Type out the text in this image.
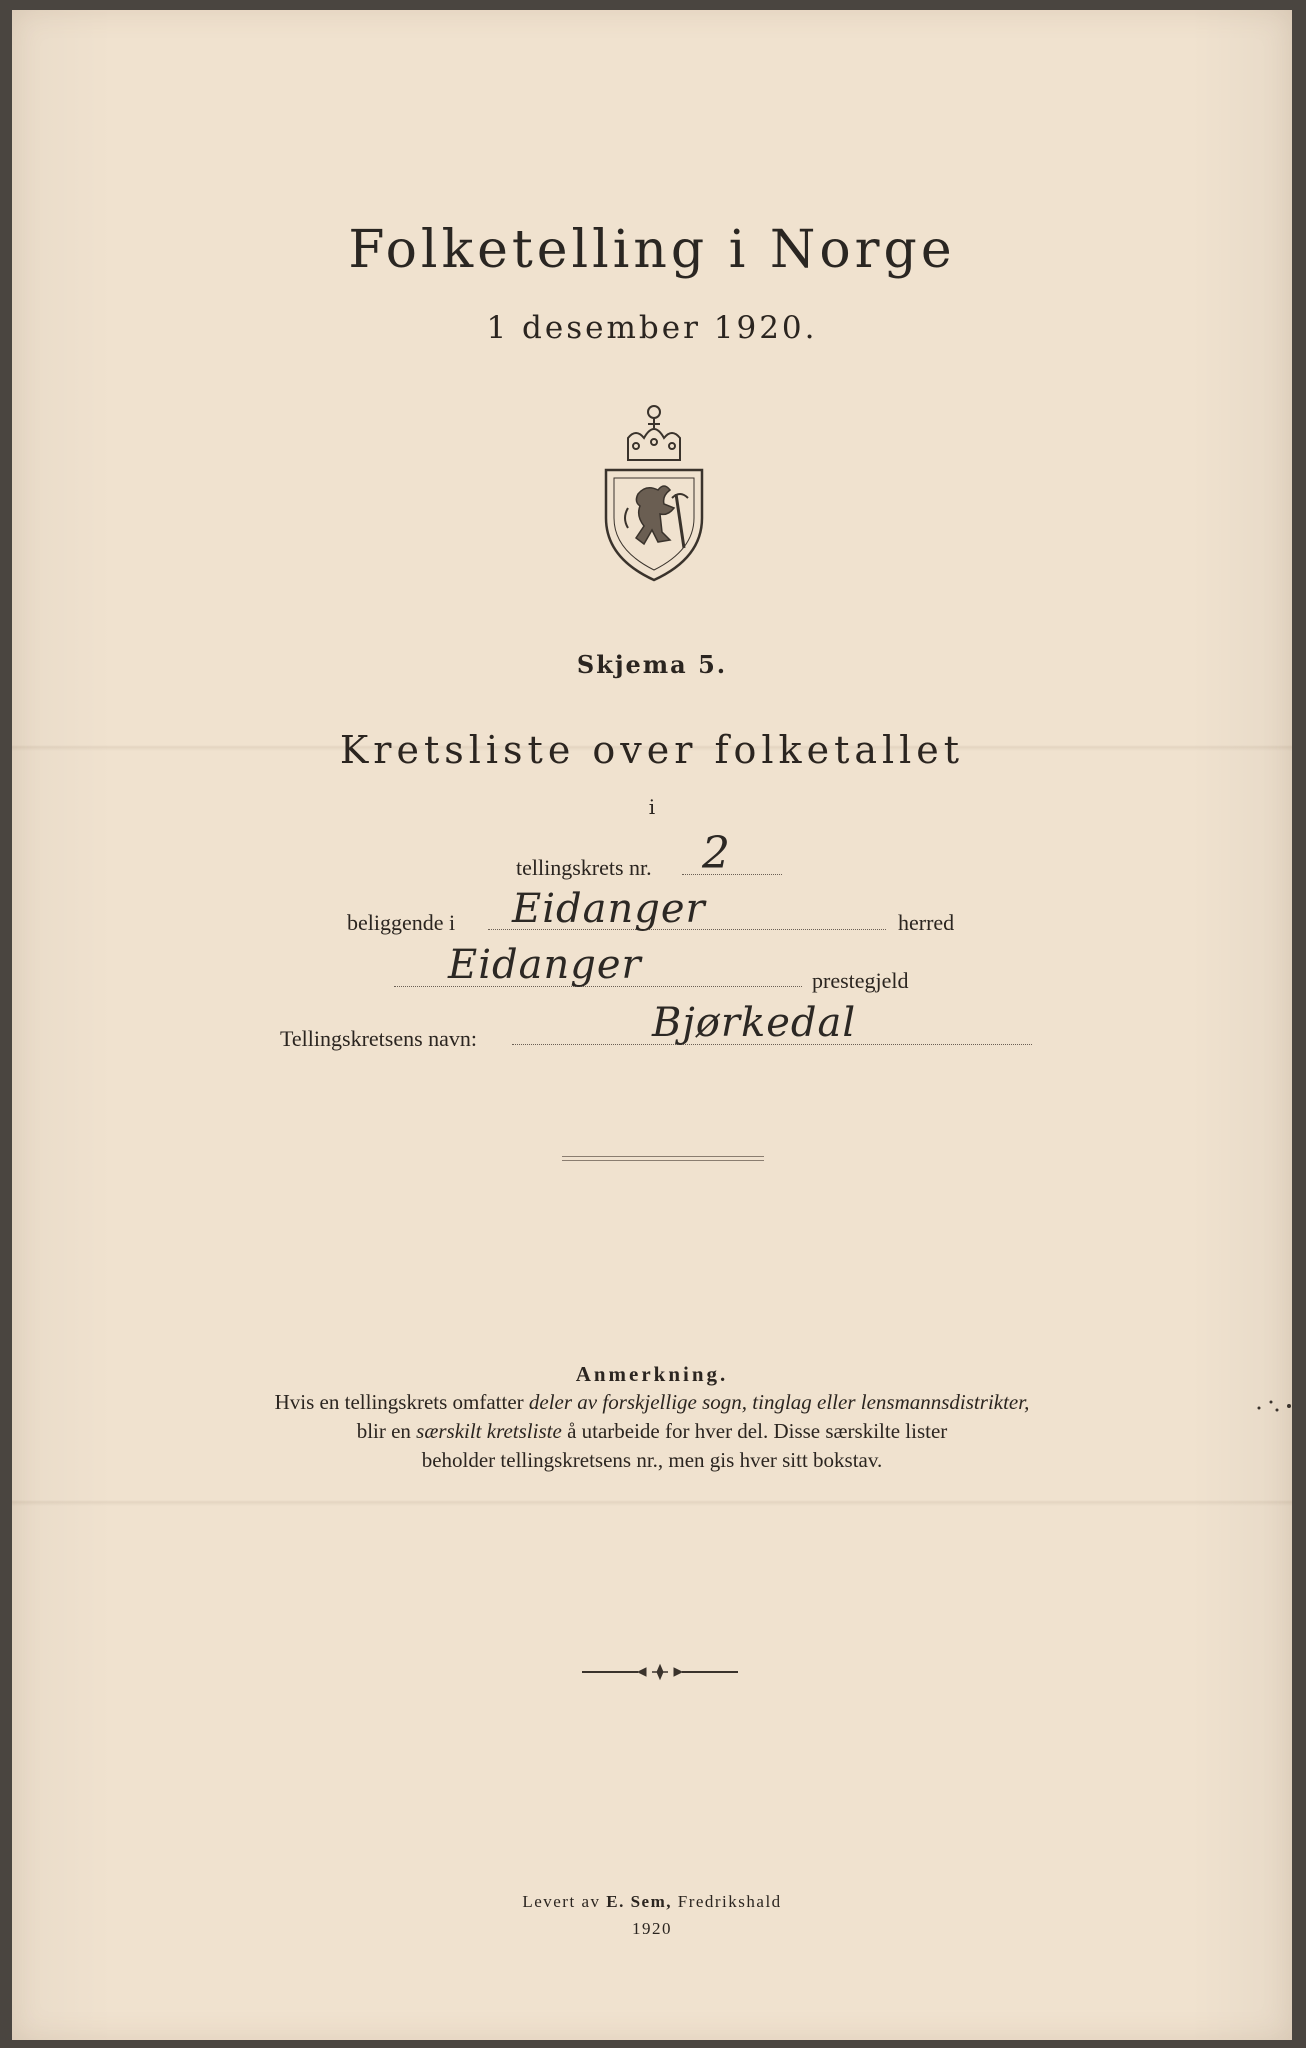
Folketelling i Norge
1 desember 1920.
Skjema 5.
Kretsliste over folketallet
i
tellingskrets nr. 2
beliggende i Eidanger	herred
Eidanger	prestegjeld
Tellingskretsens navn:	Bjørkedal
Anmerkning.
Hvis en tellingskrets omfatter deler av forskjellige sogn, tinglag eller lensmannsdistrikter,
blir en særskilt kretsliste å utarbeide for hver del. Disse særskilte lister
beholder tellingskretsens nr., men gis hver sitt bokstav.
Levert av E. Sem, Fredrikshald
1920
